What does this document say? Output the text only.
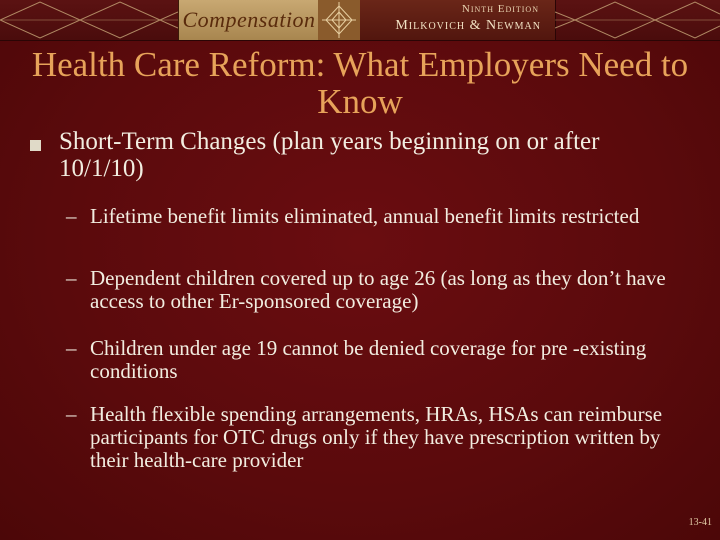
Compensation	Ninth Edition
Milkovich & Newman
Health Care Reform: What Employers Need to Know
Short-Term Changes (plan years beginning on or after 10/1/10)
– Lifetime benefit limits eliminated, annual benefit limits restricted
– Dependent children covered up to age 26 (as long as they don’t have access to other Er-sponsored coverage)
– Children under age 19 cannot be denied coverage for pre -existing conditions
– Health flexible spending arrangements, HRAs, HSAs can reimburse participants for OTC drugs only if they have prescription written by their health-care provider
13-41
